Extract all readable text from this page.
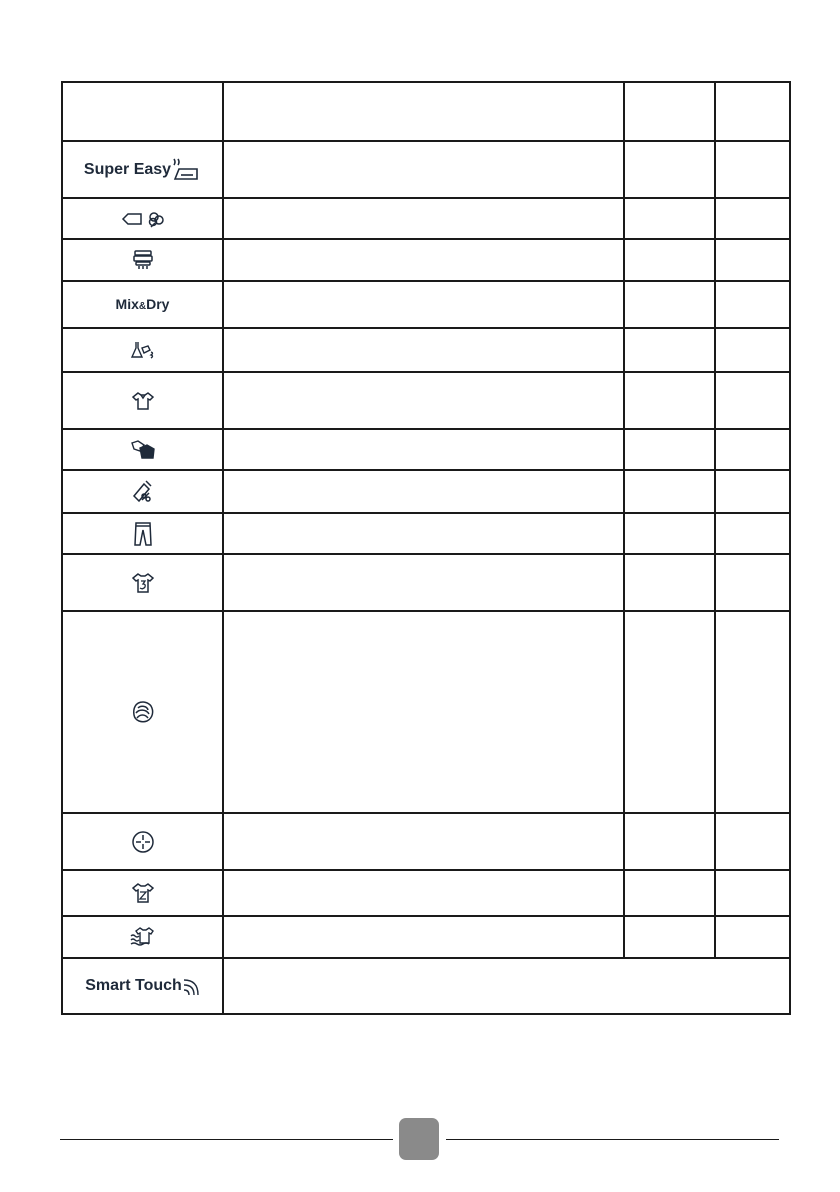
Super Easy			

Mix&Dry			

Smart Touch			
